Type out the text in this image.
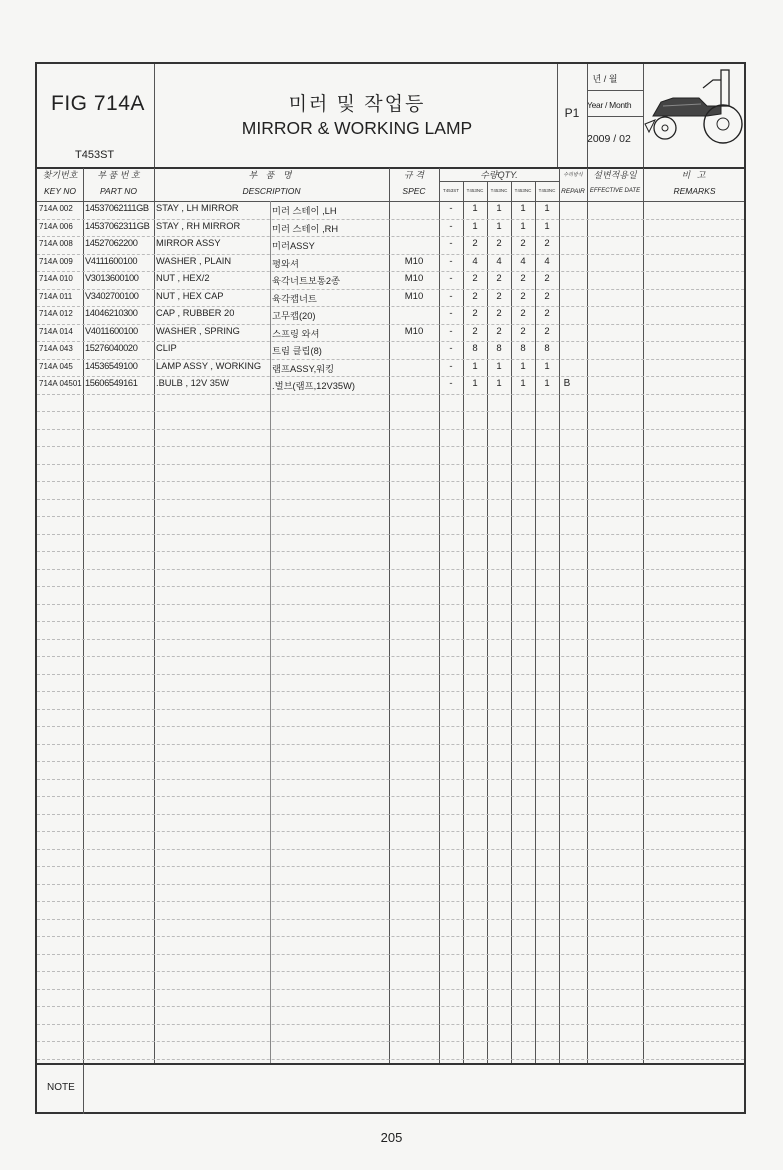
FIG 714A
T453ST
미러 및 작업등
MIRROR & WORKING LAMP
P1
년 / 월
Year / Month
2009 / 02
찾기번호
KEY NO
부 품 번 호
PART NO
부 품 명
DESCRIPTION
규 격
SPEC
수량QTY.
T453ST	T453NC	T453NC	T453NC	T453NC
수리방식
REPAIR
설변적용일
EFFECTIVE DATE
비 고
REMARKS
714A 002	14537062111GB STAY , LH MIRROR	미러 스테이 ,LH	-	1	1	1	1
714A 006	14537062311GB STAY , RH MIRROR	미러 스테이 ,RH	-	1	1	1	1
714A 008	14527062200	MIRROR ASSY	미러ASSY	-	2	2	2	2
714A 009	V4111600100	WASHER , PLAIN	평와셔	M10	-	4	4	4	4
714A 010	V3013600100	NUT , HEX/2	육각너트보통2종	M10	-	2	2	2	2
714A 011	V3402700100	NUT , HEX CAP	육각캡너트	M10	-	2	2	2	2
714A 012	14046210300	CAP , RUBBER 20	고무캡(20)	-	2	2	2	2
714A 014	V4011600100	WASHER , SPRING	스프링 와셔	M10	-	2	2	2	2
714A 043	15276040020	CLIP	트림 클립(8)	-	8	8	8	8
714A 045	14536549100	LAMP ASSY , WORKING	램프ASSY,워킹	-	1	1	1	1
714A 04501 15606549161	.BULB , 12V 35W	.벌브(램프,12V35W)	-	1	1	1	1	B
NOTE
205
